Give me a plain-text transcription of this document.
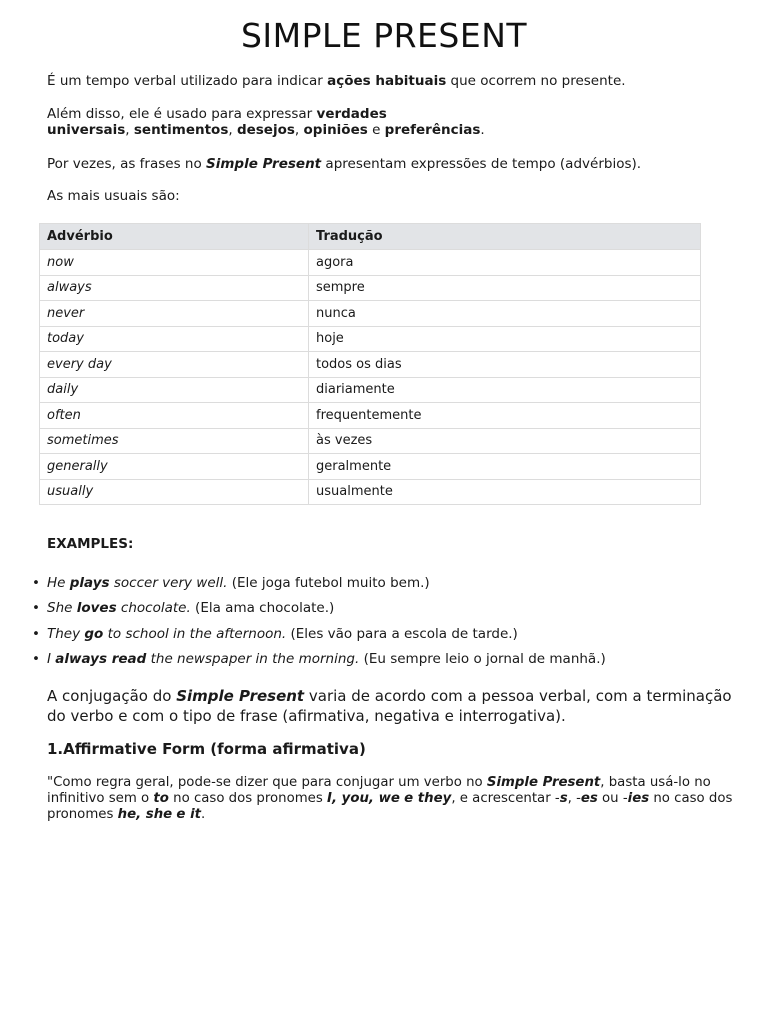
SIMPLE PRESENT

É um tempo verbal utilizado para indicar ações habituais que ocorrem no presente.

Além disso, ele é usado para expressar verdades
universais, sentimentos, desejos, opiniões e preferências.

Por vezes, as frases no Simple Present apresentam expressões de tempo (advérbios).

As mais usuais são:

Advérbio	Tradução
now	agora
always	sempre
never	nunca
today	hoje
every day	todos os dias
daily	diariamente
often	frequentemente
sometimes	às vezes
generally	geralmente
usually	usualmente
EXAMPLES:
• He plays soccer very well. (Ele joga futebol muito bem.)
• She loves chocolate. (Ela ama chocolate.)
• They go to school in the afternoon. (Eles vão para a escola de tarde.)
• I always read the newspaper in the morning. (Eu sempre leio o jornal de manhã.)

A conjugação do Simple Present varia de acordo com a pessoa verbal, com a terminação do verbo e com o tipo de frase (afirmativa, negativa e interrogativa).

1.Affirmative Form (forma afirmativa)

"Como regra geral, pode-se dizer que para conjugar um verbo no Simple Present, basta usá-lo no infinitivo sem o to no caso dos pronomes I, you, we e they, e acrescentar -s, -es ou -ies no caso dos pronomes he, she e it.
